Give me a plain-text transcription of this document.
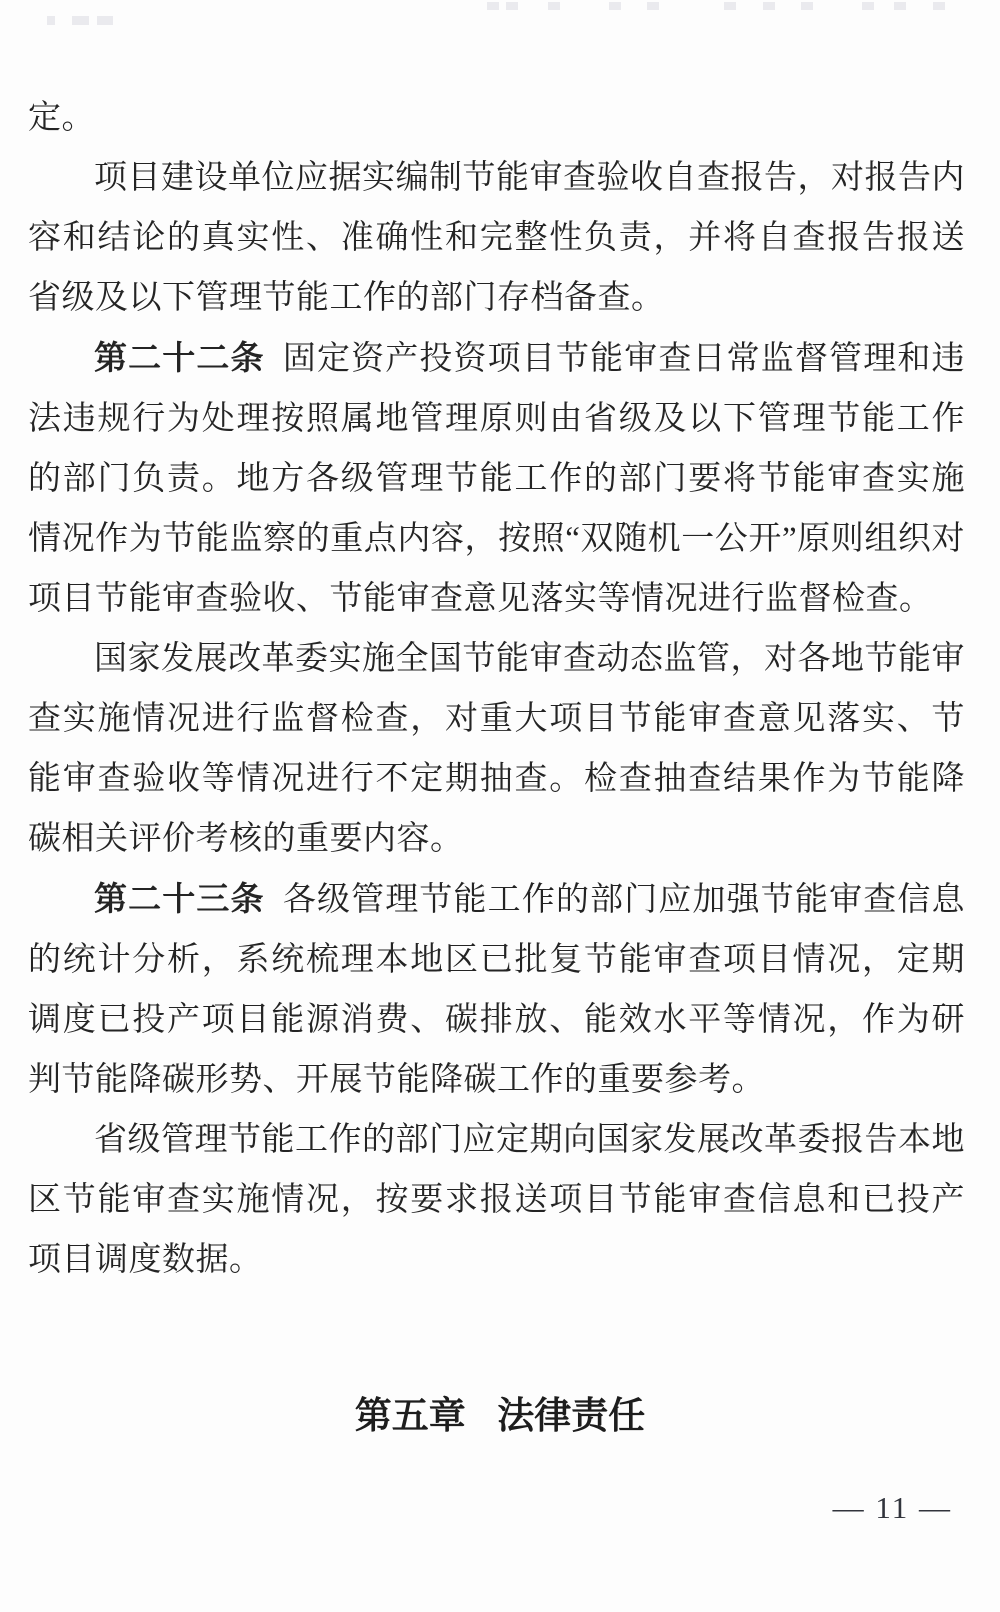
定。

项目建设单位应据实编制节能审查验收自查报告，对报告内容和结论的真实性、准确性和完整性负责，并将自查报告报送省级及以下管理节能工作的部门存档备查。

第二十二条 固定资产投资项目节能审查日常监督管理和违法违规行为处理按照属地管理原则由省级及以下管理节能工作的部门负责。地方各级管理节能工作的部门要将节能审查实施情况作为节能监察的重点内容，按照“双随机一公开”原则组织对项目节能审查验收、节能审查意见落实等情况进行监督检查。

国家发展改革委实施全国节能审查动态监管，对各地节能审查实施情况进行监督检查，对重大项目节能审查意见落实、节能审查验收等情况进行不定期抽查。检查抽查结果作为节能降碳相关评价考核的重要内容。

第二十三条 各级管理节能工作的部门应加强节能审查信息的统计分析，系统梳理本地区已批复节能审查项目情况，定期调度已投产项目能源消费、碳排放、能效水平等情况，作为研判节能降碳形势、开展节能降碳工作的重要参考。

省级管理节能工作的部门应定期向国家发展改革委报告本地区节能审查实施情况，按要求报送项目节能审查信息和已投产项目调度数据。

第五章 法律责任
— 11 —
